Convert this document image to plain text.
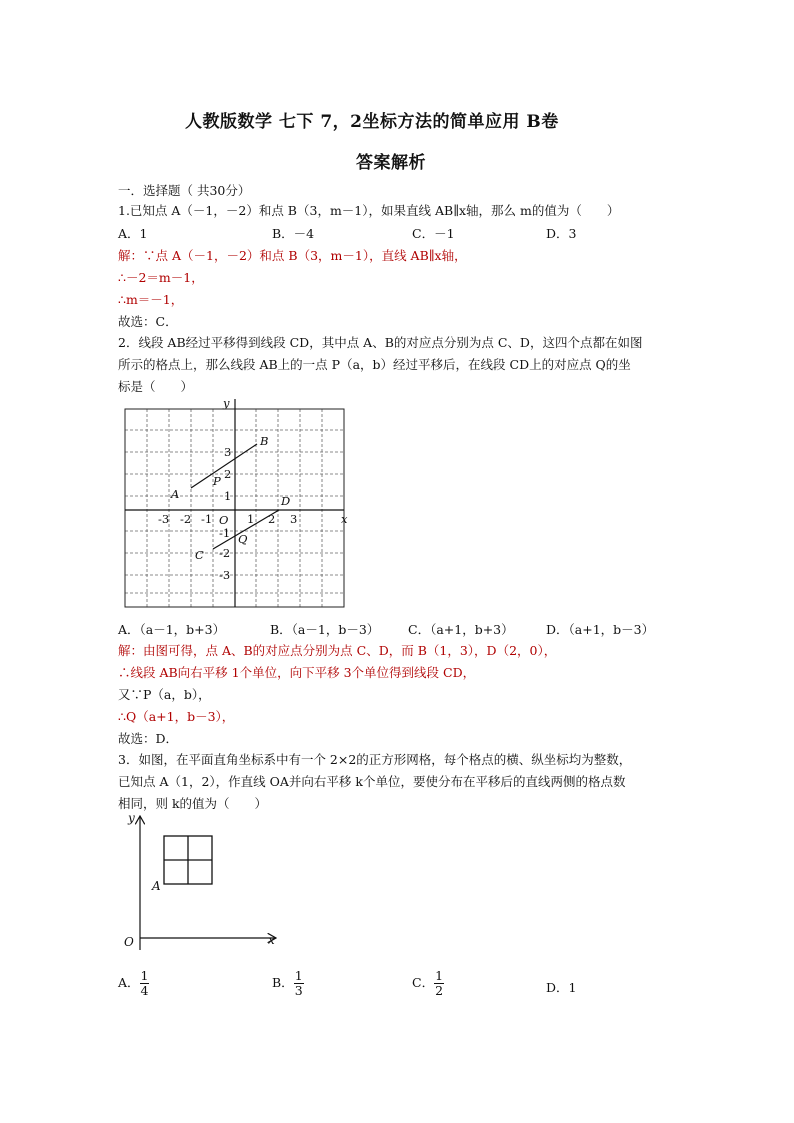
人教版数学 七下 7，2坐标方法的简单应用 B卷
答案解析
一．选择题（ 共30分）
1.已知点 A（－1，－2）和点 B（3，m－1），如果直线 AB∥x轴，那么 m的值为（　　）
A．1	B．－4	C．－1	D．3
解：∵点 A（－1，－2）和点 B（3，m－1），直线 AB∥x轴，
∴－2＝m－1，
∴m＝－1，
故选：C．
2．线段 AB经过平移得到线段 CD，其中点 A、B的对应点分别为点 C、D，这四个点都在如图
所示的格点上，那么线段 AB上的一点 P（a，b）经过平移后，在线段 CD上的对应点 Q的坐
标是（　　）
y
x
O
-3 -2 -1	1 2 3
3
2
1
-1
-2
-3
A
B
C
D
P
Q
A．（a－1，b+3）	B．（a－1，b－3） C．（a+1，b+3）	D．（a+1，b－3）
解：由图可得，点 A、B的对应点分别为点 C、D，而 B（1，3），D（2，0），
∴线段 AB向右平移 1个单位，向下平移 3个单位得到线段 CD，
又∵P（a，b），
∴Q（a+1，b－3），
故选：D．
3．如图，在平面直角坐标系中有一个 2×2的正方形网格，每个格点的横、纵坐标均为整数，
已知点 A（1，2），作直线 OA并向右平移 k个单位，要使分布在平移后的直线两侧的格点数
相同，则 k的值为（　　）
y
x
O
A
A． $\frac{1}{4}$	B． $\frac{1}{3}$	C． $\frac{1}{2}$	D．1
